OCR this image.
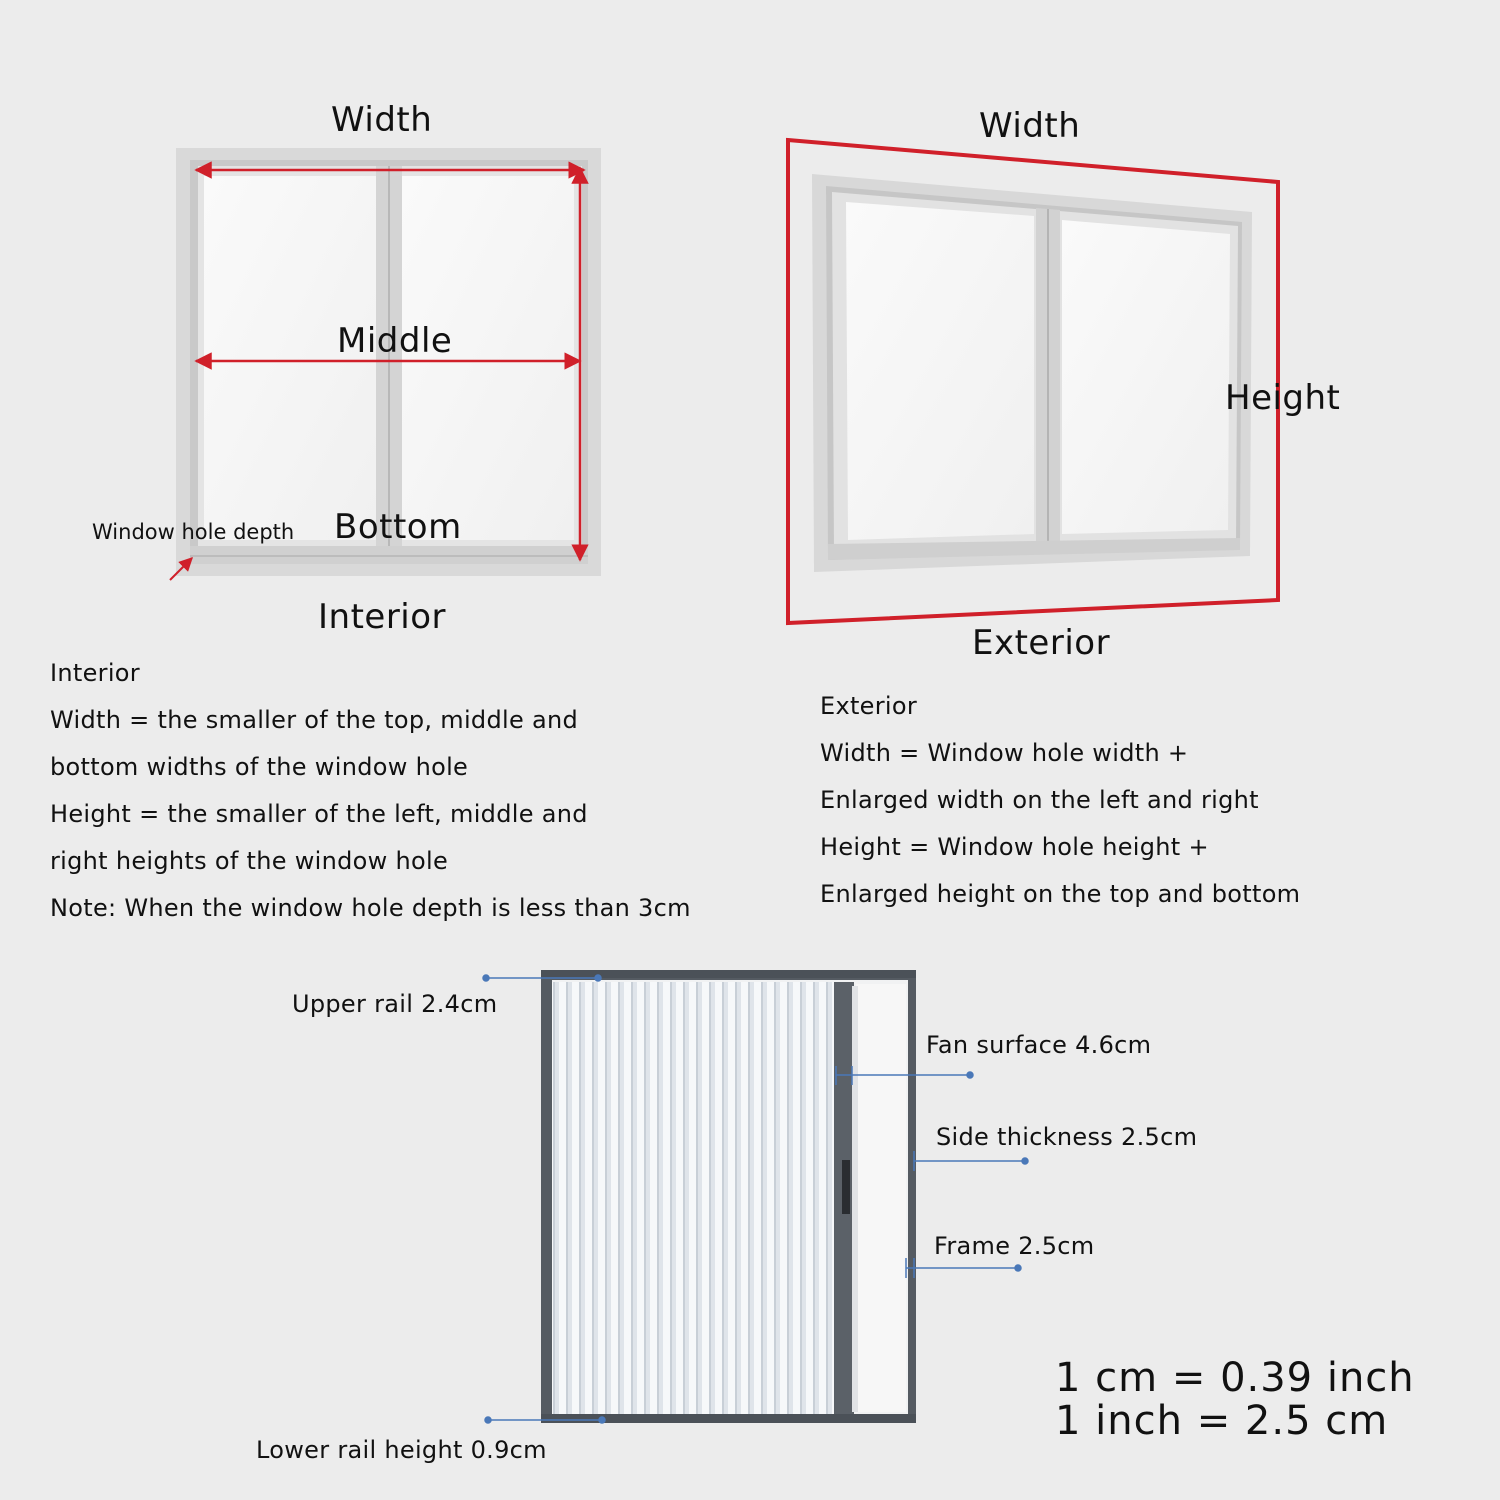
Width
Middle
Bottom
Window hole depth
Interior
Width
Height
Exterior
Interior
Width = the smaller of the top, middle and
bottom widths of the window hole
Height = the smaller of the left, middle and
right heights of the window hole
Note: When the window hole depth is less than 3cm
Exterior
Width = Window hole width +
Enlarged width on the left and right
Height = Window hole height +
Enlarged height on the top and bottom
Upper rail 2.4cm
Fan surface 4.6cm
Side thickness 2.5cm
Frame 2.5cm
Lower rail height 0.9cm
1 cm = 0.39 inch
1 inch = 2.5 cm
